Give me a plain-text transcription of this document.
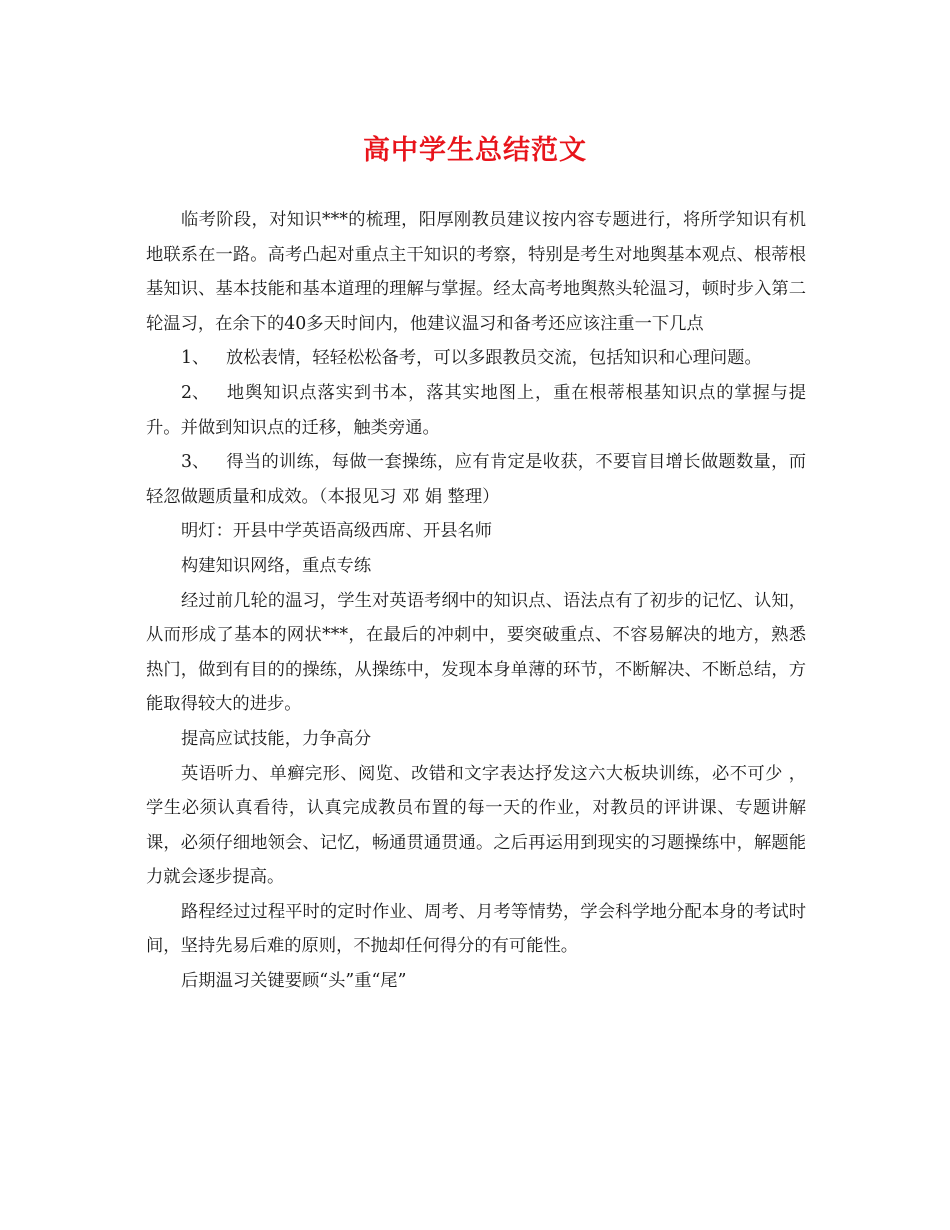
高中学生总结范文

临考阶段，对知识***的梳理，阳厚刚教员建议按内容专题进行，将所学知识有机地联系在一路。高考凸起对重点主干知识的考察，特别是考生对地舆基本观点、根蒂根基知识、基本技能和基本道理的理解与掌握。经太高考地舆熬头轮温习，顿时步入第二轮温习，在余下的40多天时间内，他建议温习和备考还应该注重一下几点

1、 放松表情，轻轻松松备考，可以多跟教员交流，包括知识和心理问题。

2、 地舆知识点落实到书本，落其实地图上，重在根蒂根基知识点的掌握与提升。并做到知识点的迁移，触类旁通。

3、 得当的训练，每做一套操练，应有肯定是收获，不要盲目增长做题数量，而轻忽做题质量和成效。（本报见习 邓 娟 整理）

明灯：开县中学英语高级西席、开县名师

构建知识网络，重点专练

经过前几轮的温习，学生对英语考纲中的知识点、语法点有了初步的记忆、认知，从而形成了基本的网状***，在最后的冲刺中，要突破重点、不容易解决的地方，熟悉热门，做到有目的的操练，从操练中，发现本身单薄的环节，不断解决、不断总结，方能取得较大的进步。

提高应试技能，力争高分

英语听力、单癣完形、阅览、改错和文字表达抒发这六大板块训练，必不可少 ，学生必须认真看待，认真完成教员布置的每一天的作业，对教员的评讲课、专题讲解课，必须仔细地领会、记忆，畅通贯通贯通。之后再运用到现实的习题操练中，解题能力就会逐步提高。

路程经过过程平时的定时作业、周考、月考等情势，学会科学地分配本身的考试时间，坚持先易后难的原则，不抛却任何得分的有可能性。

后期温习关键要顾“头”重“尾”
